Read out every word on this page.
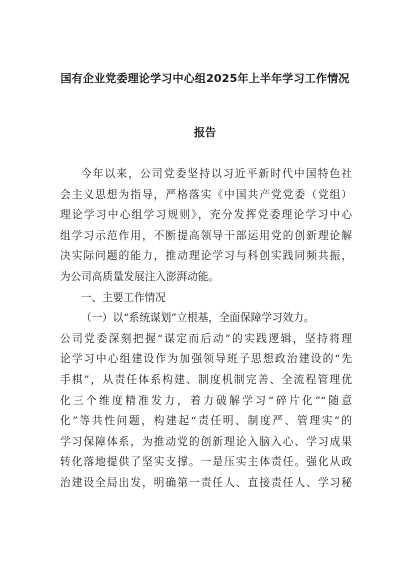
国有企业党委理论学习中心组2025年上半年学习工作情况
报告
今年以来，公司党委坚持以习近平新时代中国特色社
会主义思想为指导，严格落实《中国共产党党委（党组）
理论学习中心组学习规则》，充分发挥党委理论学习中心
组学习示范作用，不断提高领导干部运用党的创新理论解
决实际问题的能力，推动理论学习与科创实践同频共振，
为公司高质量发展注入澎湃动能。
一、主要工作情况
（一）以“系统谋划”立根基，全面保障学习效力。
公司党委深刻把握“谋定而后动”的实践逻辑，坚持将理
论学习中心组建设作为加强领导班子思想政治建设的“先
手棋”，从责任体系构建、制度机制完善、全流程管理优
化三个维度精准发力，着力破解学习“碎片化”“随意
化”等共性问题，构建起“责任明、制度严、管理实”的
学习保障体系，为推动党的创新理论入脑入心、学习成果
转化落地提供了坚实支撑。一是压实主体责任。强化从政
治建设全局出发，明确第一责任人、直接责任人、学习秘
